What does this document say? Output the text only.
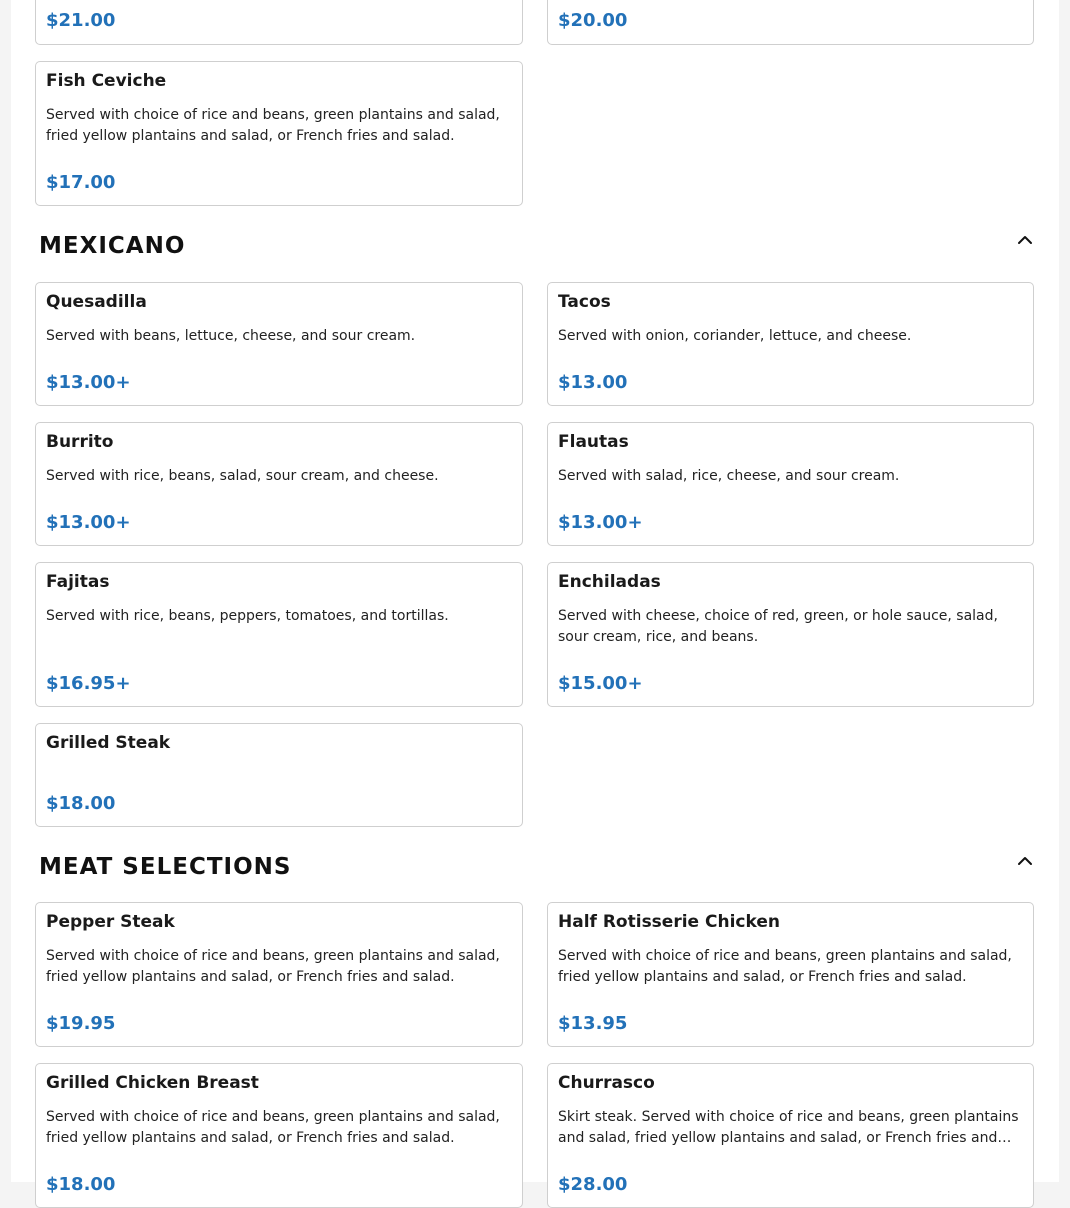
$21.00	$20.00
Fish Ceviche
Served with choice of rice and beans, green plantains and salad, fried yellow plantains and salad, or French fries and salad.
$17.00
MEXICANO
Quesadilla
Served with beans, lettuce, cheese, and sour cream.
$13.00+
Tacos
Served with onion, coriander, lettuce, and cheese.
$13.00
Burrito
Served with rice, beans, salad, sour cream, and cheese.
$13.00+
Flautas
Served with salad, rice, cheese, and sour cream.
$13.00+
Fajitas
Served with rice, beans, peppers, tomatoes, and tortillas.
$16.95+
Enchiladas
Served with cheese, choice of red, green, or hole sauce, salad, sour cream, rice, and beans.
$15.00+
Grilled Steak
$18.00
MEAT SELECTIONS
Pepper Steak
Served with choice of rice and beans, green plantains and salad, fried yellow plantains and salad, or French fries and salad.
$19.95
Half Rotisserie Chicken
Served with choice of rice and beans, green plantains and salad, fried yellow plantains and salad, or French fries and salad.
$13.95
Grilled Chicken Breast
Served with choice of rice and beans, green plantains and salad, fried yellow plantains and salad, or French fries and salad.
$18.00
Churrasco
Skirt steak. Served with choice of rice and beans, green plantains
and salad, fried yellow plantains and salad, or French fries and…
$28.00
